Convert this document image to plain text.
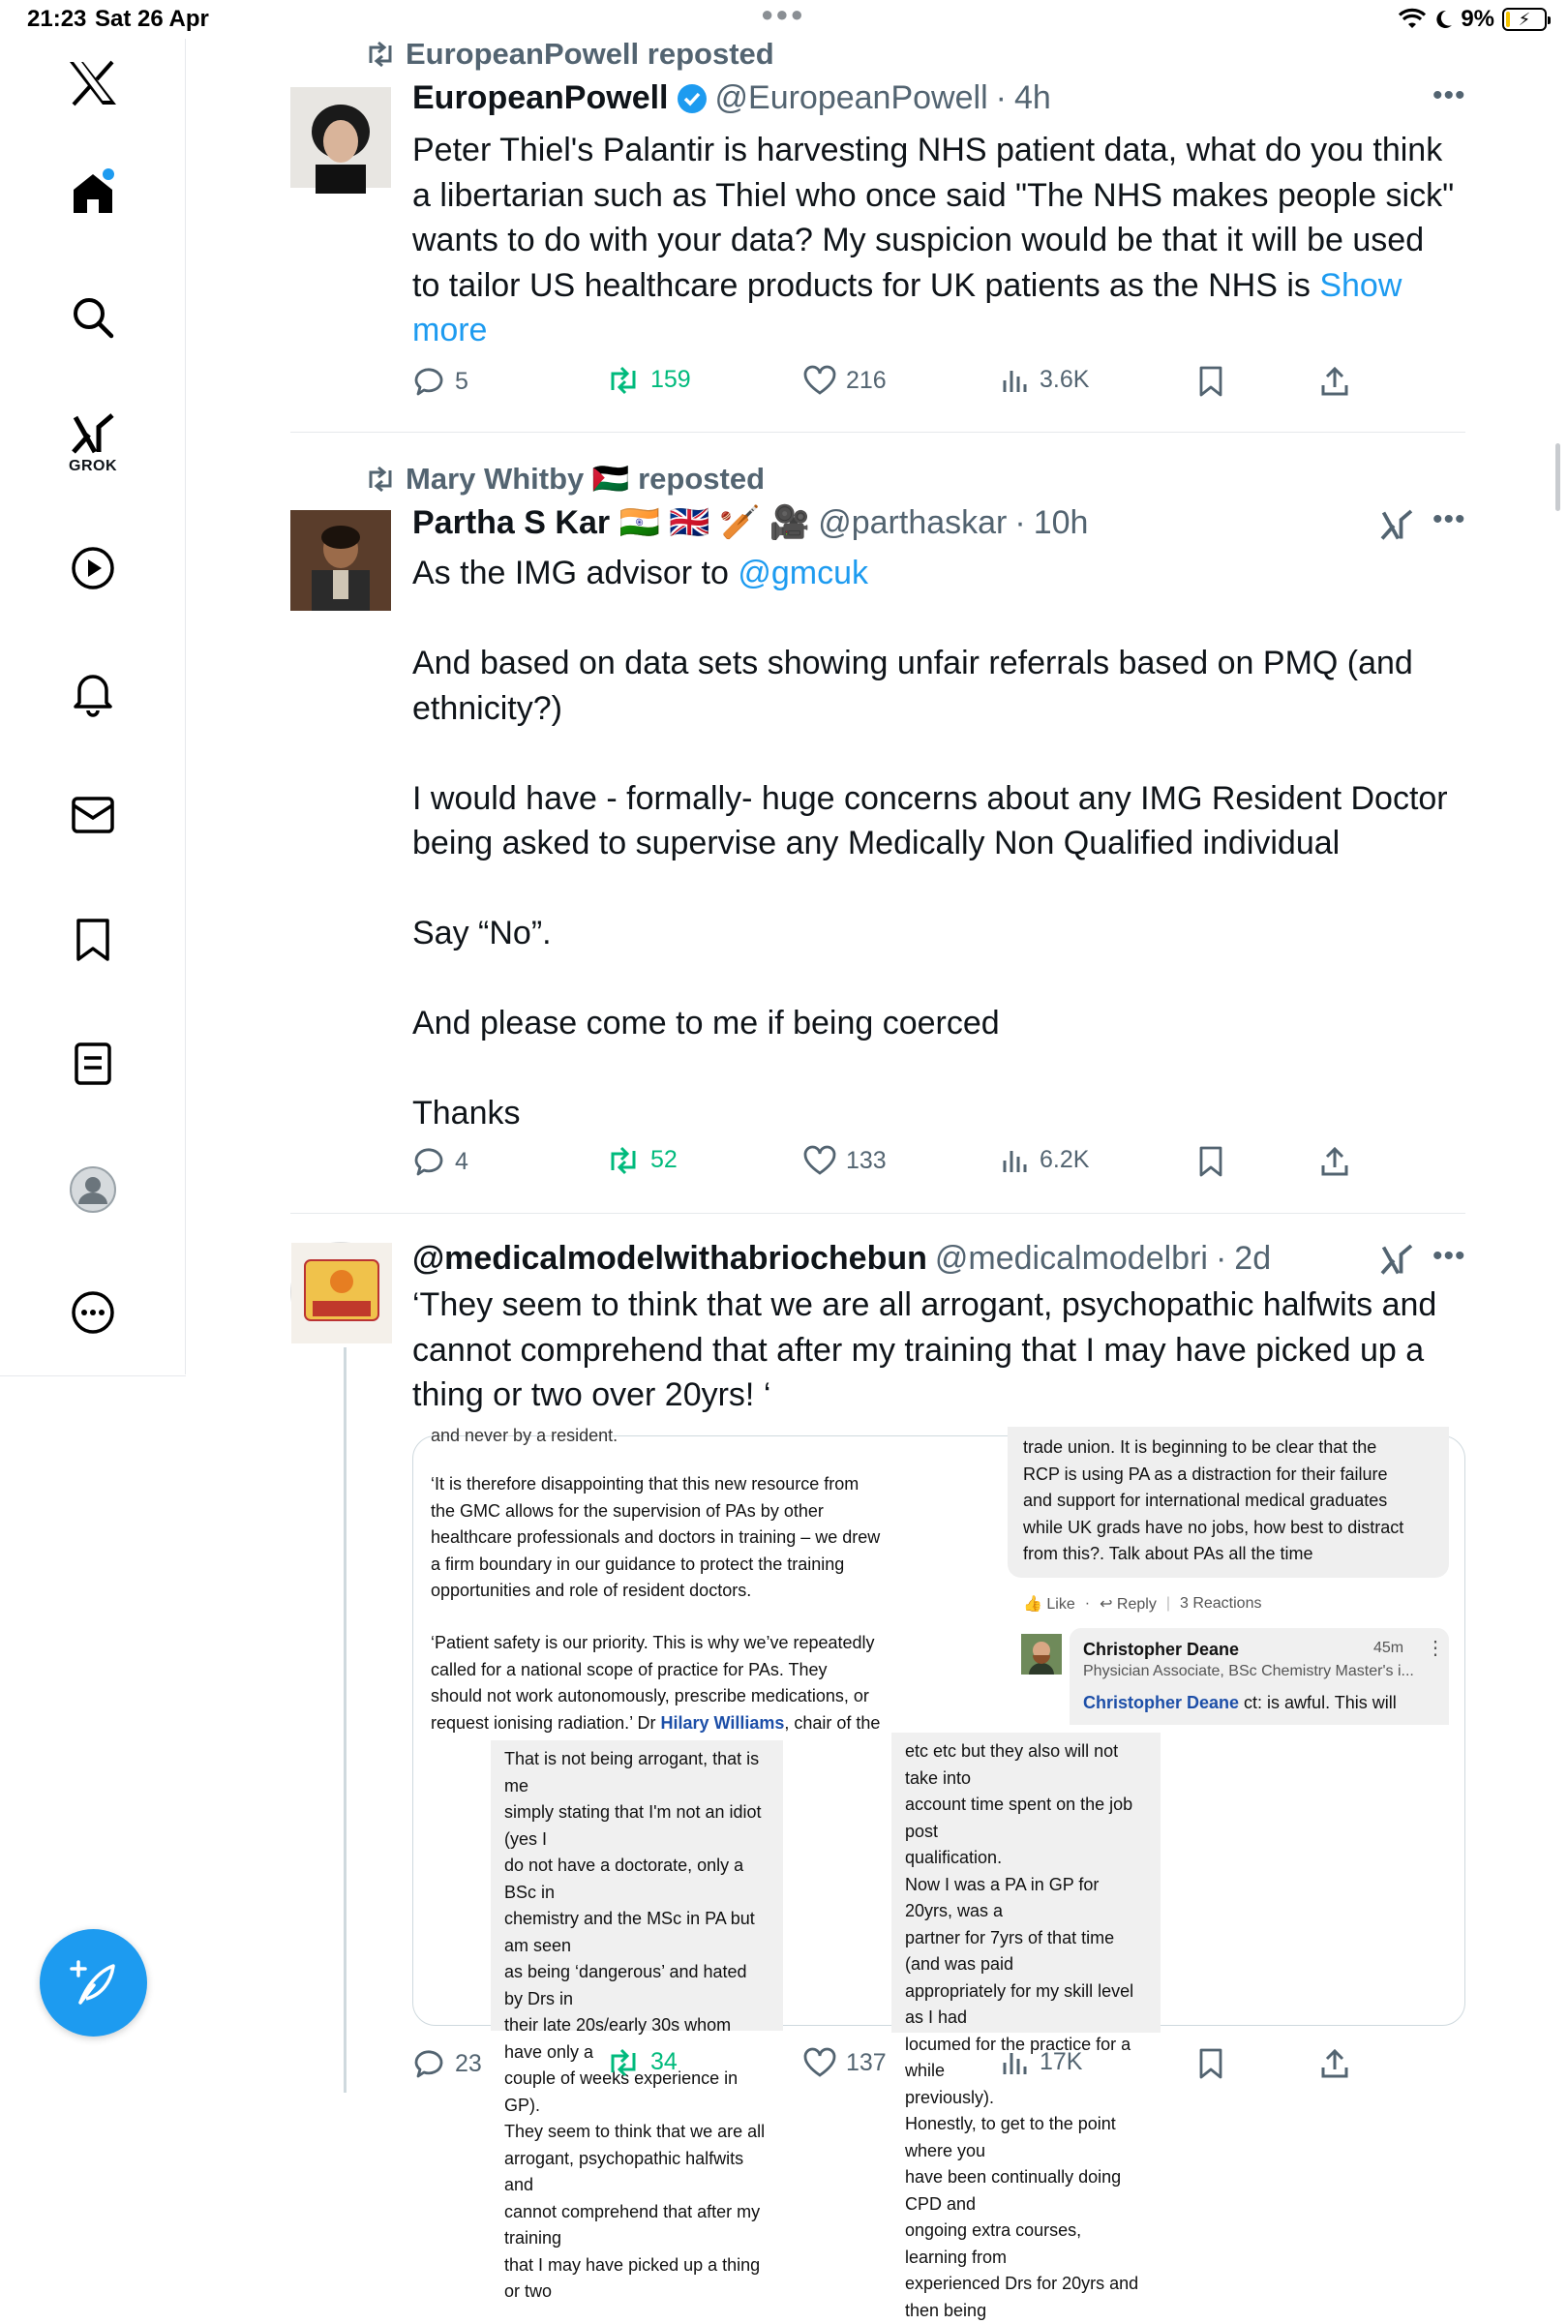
21:23 Sat 26 Apr	●●●	9% ⚡
GROK
EuropeanPowell reposted
EuropeanPowell @EuropeanPowell · 4h	•••
Peter Thiel's Palantir is harvesting NHS patient data, what do you think
a libertarian such as Thiel who once said "The NHS makes people sick"
wants to do with your data? My suspicion would be that it will be used
to tailor US healthcare products for UK patients as the NHS is Show
more
5	159	216	3.6K
Mary Whitby 🇵🇸 reposted
Partha S Kar 🇮🇳 🇬🇧 🏏 🎥 @parthaskar · 10h	•••
As the IMG advisor to @gmcuk

And based on data sets showing unfair referrals based on PMQ (and
ethnicity?)

I would have - formally- huge concerns about any IMG Resident Doctor
being asked to supervise any Medically Non Qualified individual

Say “No”.

And please come to me if being coerced

Thanks
4	52	133	6.2K
@medicalmodelwithabriochebun @medicalmodelbri · 2d	•••
‘They seem to think that we are all arrogant, psychopathic halfwits and
cannot comprehend that after my training that I may have picked up a
thing or two over 20yrs! ‘
and never by a resident.
‘It is therefore disappointing that this new resource from
the GMC allows for the supervision of PAs by other
healthcare professionals and doctors in training – we drew
a firm boundary in our guidance to protect the training
opportunities and role of resident doctors.
‘Patient safety is our priority. This is why we’ve repeatedly
called for a national scope of practice for PAs. They
should not work autonomously, prescribe medications, or
request ionising radiation.’ Dr Hilary Williams, chair of the
trade union. It is beginning to be clear that the
RCP is using PA as a distraction for their failure
and support for international medical graduates
while UK grads have no jobs, how best to distract
from this?. Talk about PAs all the time
👍 Like · ↩ Reply | 3 Reactions
Christopher Deane	45m ⋮
Physician Associate, BSc Chemistry Master's i...
Christopher Deane ct: is awful. This will
That is not being arrogant, that is me
simply stating that I'm not an idiot (yes I
do not have a doctorate, only a BSc in
chemistry and the MSc in PA but am seen
as being ‘dangerous’ and hated by Drs in
their late 20s/early 30s whom have only a
couple of weeks experience in GP).
They seem to think that we are all
arrogant, psychopathic halfwits and
cannot comprehend that after my training
that I may have picked up a thing or two
etc etc but they also will not take into
account time spent on the job post
qualification.
Now I was a PA in GP for 20yrs, was a
partner for 7yrs of that time (and was paid
appropriately for my skill level as I had
locumed for the practice for a while
previously).
Honestly, to get to the point where you
have been continually doing CPD and
ongoing extra courses, learning from
experienced Drs for 20yrs and then being
23	34	137	17K
